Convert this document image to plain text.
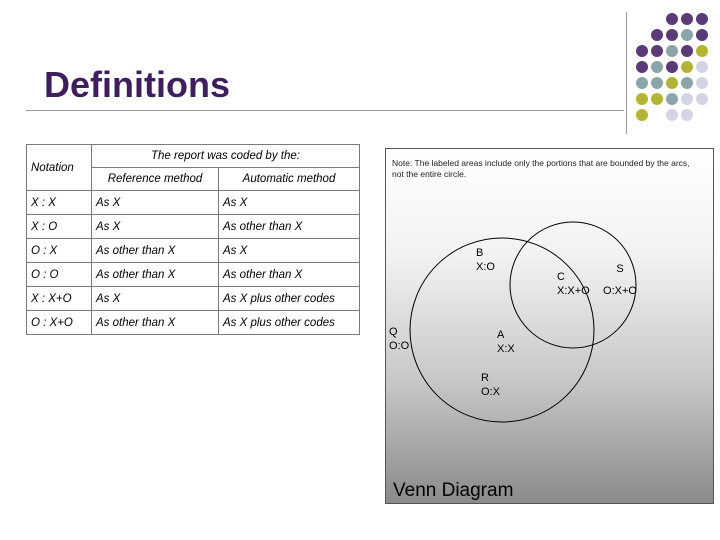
Definitions
Notation	The report was coded by the:	
	Reference method	Automatic method
X : X	As X	As X
X : O	As X	As other than X
O : X	As other than X	As X
O : O	As other than X	As other than X
X : X+O	As X	As X plus other codes
O : X+O	As other than X	As X plus other codes
Note: The labeled areas include only the portions that are bounded by the arcs, not the entire circle.
B
X:O
C
X:X+O
S
O:X+O
Q
O:O
A
X:X
R
O:X
Venn Diagram
